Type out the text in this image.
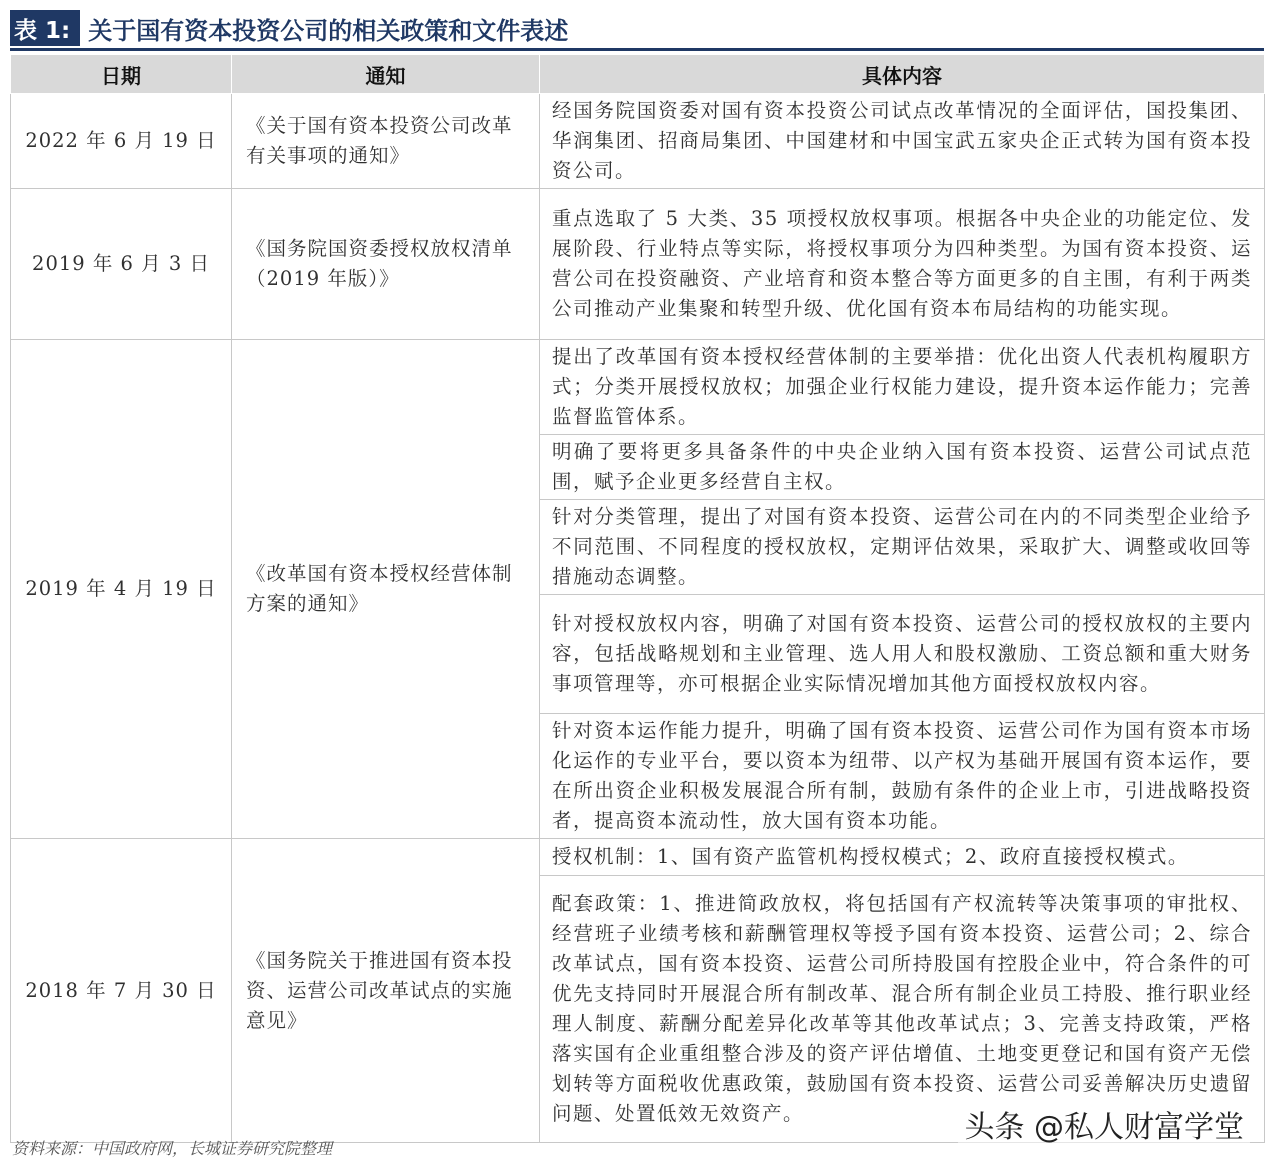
表 1: 关于国有资本投资公司的相关政策和文件表述
日期	通知	具体内容
2022 年 6 月 19 日	《关于国有资本投资公司改革有关事项的通知》	经国务院国资委对国有资本投资公司试点改革情况的全面评估，国投集团、华润集团、招商局集团、中国建材和中国宝武五家央企正式转为国有资本投资公司。
2019 年 6 月 3 日	《国务院国资委授权放权清单（2019 年版）》	重点选取了 5 大类、35 项授权放权事项。根据各中央企业的功能定位、发展阶段、行业特点等实际，将授权事项分为四种类型。为国有资本投资、运营公司在投资融资、产业培育和资本整合等方面更多的自主围，有利于两类公司推动产业集聚和转型升级、优化国有资本布局结构的功能实现。
2019 年 4 月 19 日	《改革国有资本授权经营体制方案的通知》	提出了改革国有资本授权经营体制的主要举措：优化出资人代表机构履职方式；分类开展授权放权；加强企业行权能力建设，提升资本运作能力；完善监督监管体系。
		明确了要将更多具备条件的中央企业纳入国有资本投资、运营公司试点范围，赋予企业更多经营自主权。
		针对分类管理，提出了对国有资本投资、运营公司在内的不同类型企业给予不同范围、不同程度的授权放权，定期评估效果，采取扩大、调整或收回等措施动态调整。
		针对授权放权内容，明确了对国有资本投资、运营公司的授权放权的主要内容，包括战略规划和主业管理、选人用人和股权激励、工资总额和重大财务事项管理等，亦可根据企业实际情况增加其他方面授权放权内容。
		针对资本运作能力提升，明确了国有资本投资、运营公司作为国有资本市场化运作的专业平台，要以资本为纽带、以产权为基础开展国有资本运作，要在所出资企业积极发展混合所有制，鼓励有条件的企业上市，引进战略投资者，提高资本流动性，放大国有资本功能。
2018 年 7 月 30 日	《国务院关于推进国有资本投资、运营公司改革试点的实施意见》	授权机制：1、国有资产监管机构授权模式；2、政府直接授权模式。
		配套政策：1、推进简政放权，将包括国有产权流转等决策事项的审批权、经营班子业绩考核和薪酬管理权等授予国有资本投资、运营公司；2、综合改革试点，国有资本投资、运营公司所持股国有控股企业中，符合条件的可优先支持同时开展混合所有制改革、混合所有制企业员工持股、推行职业经理人制度、薪酬分配差异化改革等其他改革试点；3、完善支持政策，严格落实国有企业重组整合涉及的资产评估增值、土地变更登记和国有资产无偿划转等方面税收优惠政策，鼓励国有资本投资、运营公司妥善解决历史遗留问题、处置低效无效资产。
资料来源：中国政府网，长城证券研究院整理
头条 @私人财富学堂
